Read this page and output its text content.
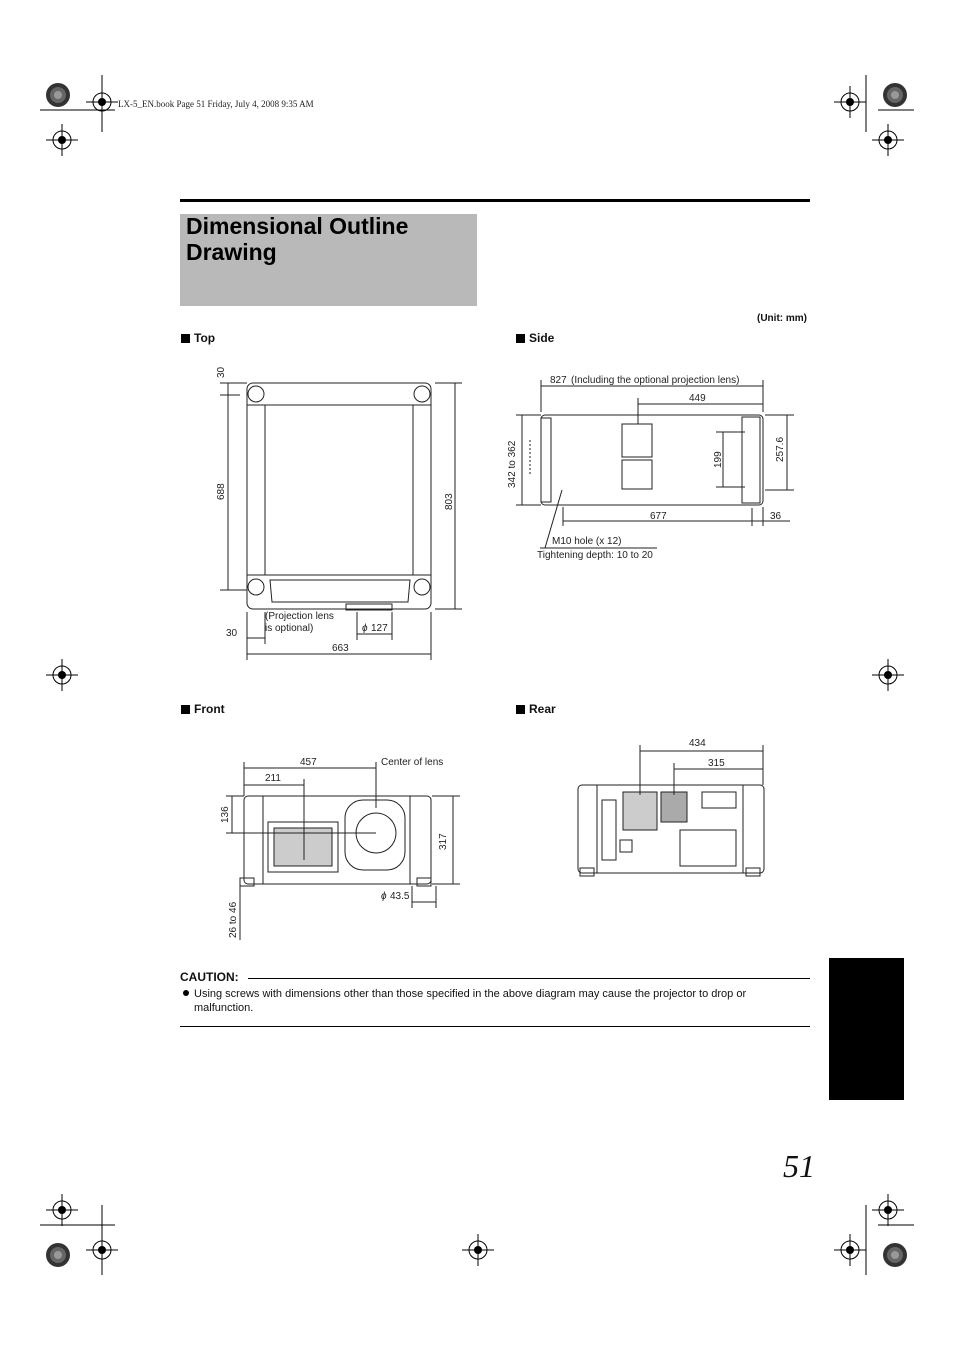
LX-5_EN.book Page 51 Friday, July 4, 2008 9:35 AM
Dimensional Outline Drawing
(Unit: mm)
Top	Side
Front	Rear
30
688
803
30
663
(Projection lens
is optional)	ϕ 127
827 (Including the optional projection lens)
449
342 to 362	199	257.6
677	36
M10 hole (x 12)
Tightening depth: 10 to 20
457
211
Center of lens
136
317
ϕ 43.5
26 to 46
434
315
CAUTION:
Using screws with dimensions other than those specified in the above diagram may cause the projector to drop or malfunction.
51
